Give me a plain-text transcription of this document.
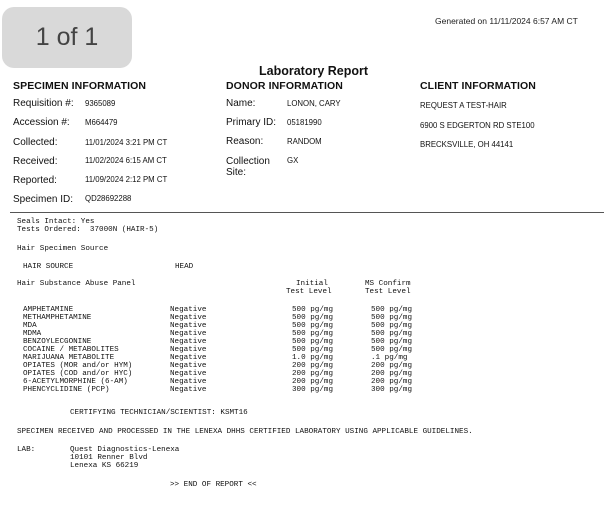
1 of 1
Generated on 11/11/2024 6:57 AM CT
Laboratory Report
SPECIMEN INFORMATION
Requisition #: 9365089
Accession #: M664479
Collected:	11/01/2024 3:21 PM CT
Received:	11/02/2024 6:15 AM CT
Reported:	11/09/2024 2:12 PM CT
Specimen ID: QD28692288
DONOR INFORMATION
Name:	LONON, CARY
Primary ID: 05181990
Reason:	RANDOM
Collection
Site:
GX
CLIENT INFORMATION
REQUEST A TEST-HAIR
6900 S EDGERTON RD STE100
BRECKSVILLE, OH 44141
Seals Intact: Yes
Tests Ordered:  37000N (HAIR-5)
Hair Specimen Source
HAIR SOURCE	HEAD
Hair Substance Abuse Panel	Initial
Test Level
MS Confirm
Test Level
AMPHETAMINE	Negative	500 pg/mg	500 pg/mg
METHAMPHETAMINE	Negative	500 pg/mg	500 pg/mg
MDA	Negative	500 pg/mg	500 pg/mg
MDMA	Negative	500 pg/mg	500 pg/mg
BENZOYLECGONINE	Negative	500 pg/mg	500 pg/mg
COCAINE / METABOLITES	Negative	500 pg/mg	500 pg/mg
MARIJUANA METABOLITE	Negative	1.0 pg/mg	.1 pg/mg
OPIATES (MOR and/or HYM)	Negative	200 pg/mg	200 pg/mg
OPIATES (COD and/or HYC)	Negative	200 pg/mg	200 pg/mg
6-ACETYLMORPHINE (6-AM)	Negative	200 pg/mg	200 pg/mg
PHENCYCLIDINE (PCP)	Negative	300 pg/mg	300 pg/mg
CERTIFYING TECHNICIAN/SCIENTIST: KSMT16
SPECIMEN RECEIVED AND PROCESSED IN THE LENEXA DHHS CERTIFIED LABORATORY USING APPLICABLE GUIDELINES.
LAB:	Quest Diagnostics-Lenexa
10101 Renner Blvd
Lenexa KS 66219
>> END OF REPORT <<
